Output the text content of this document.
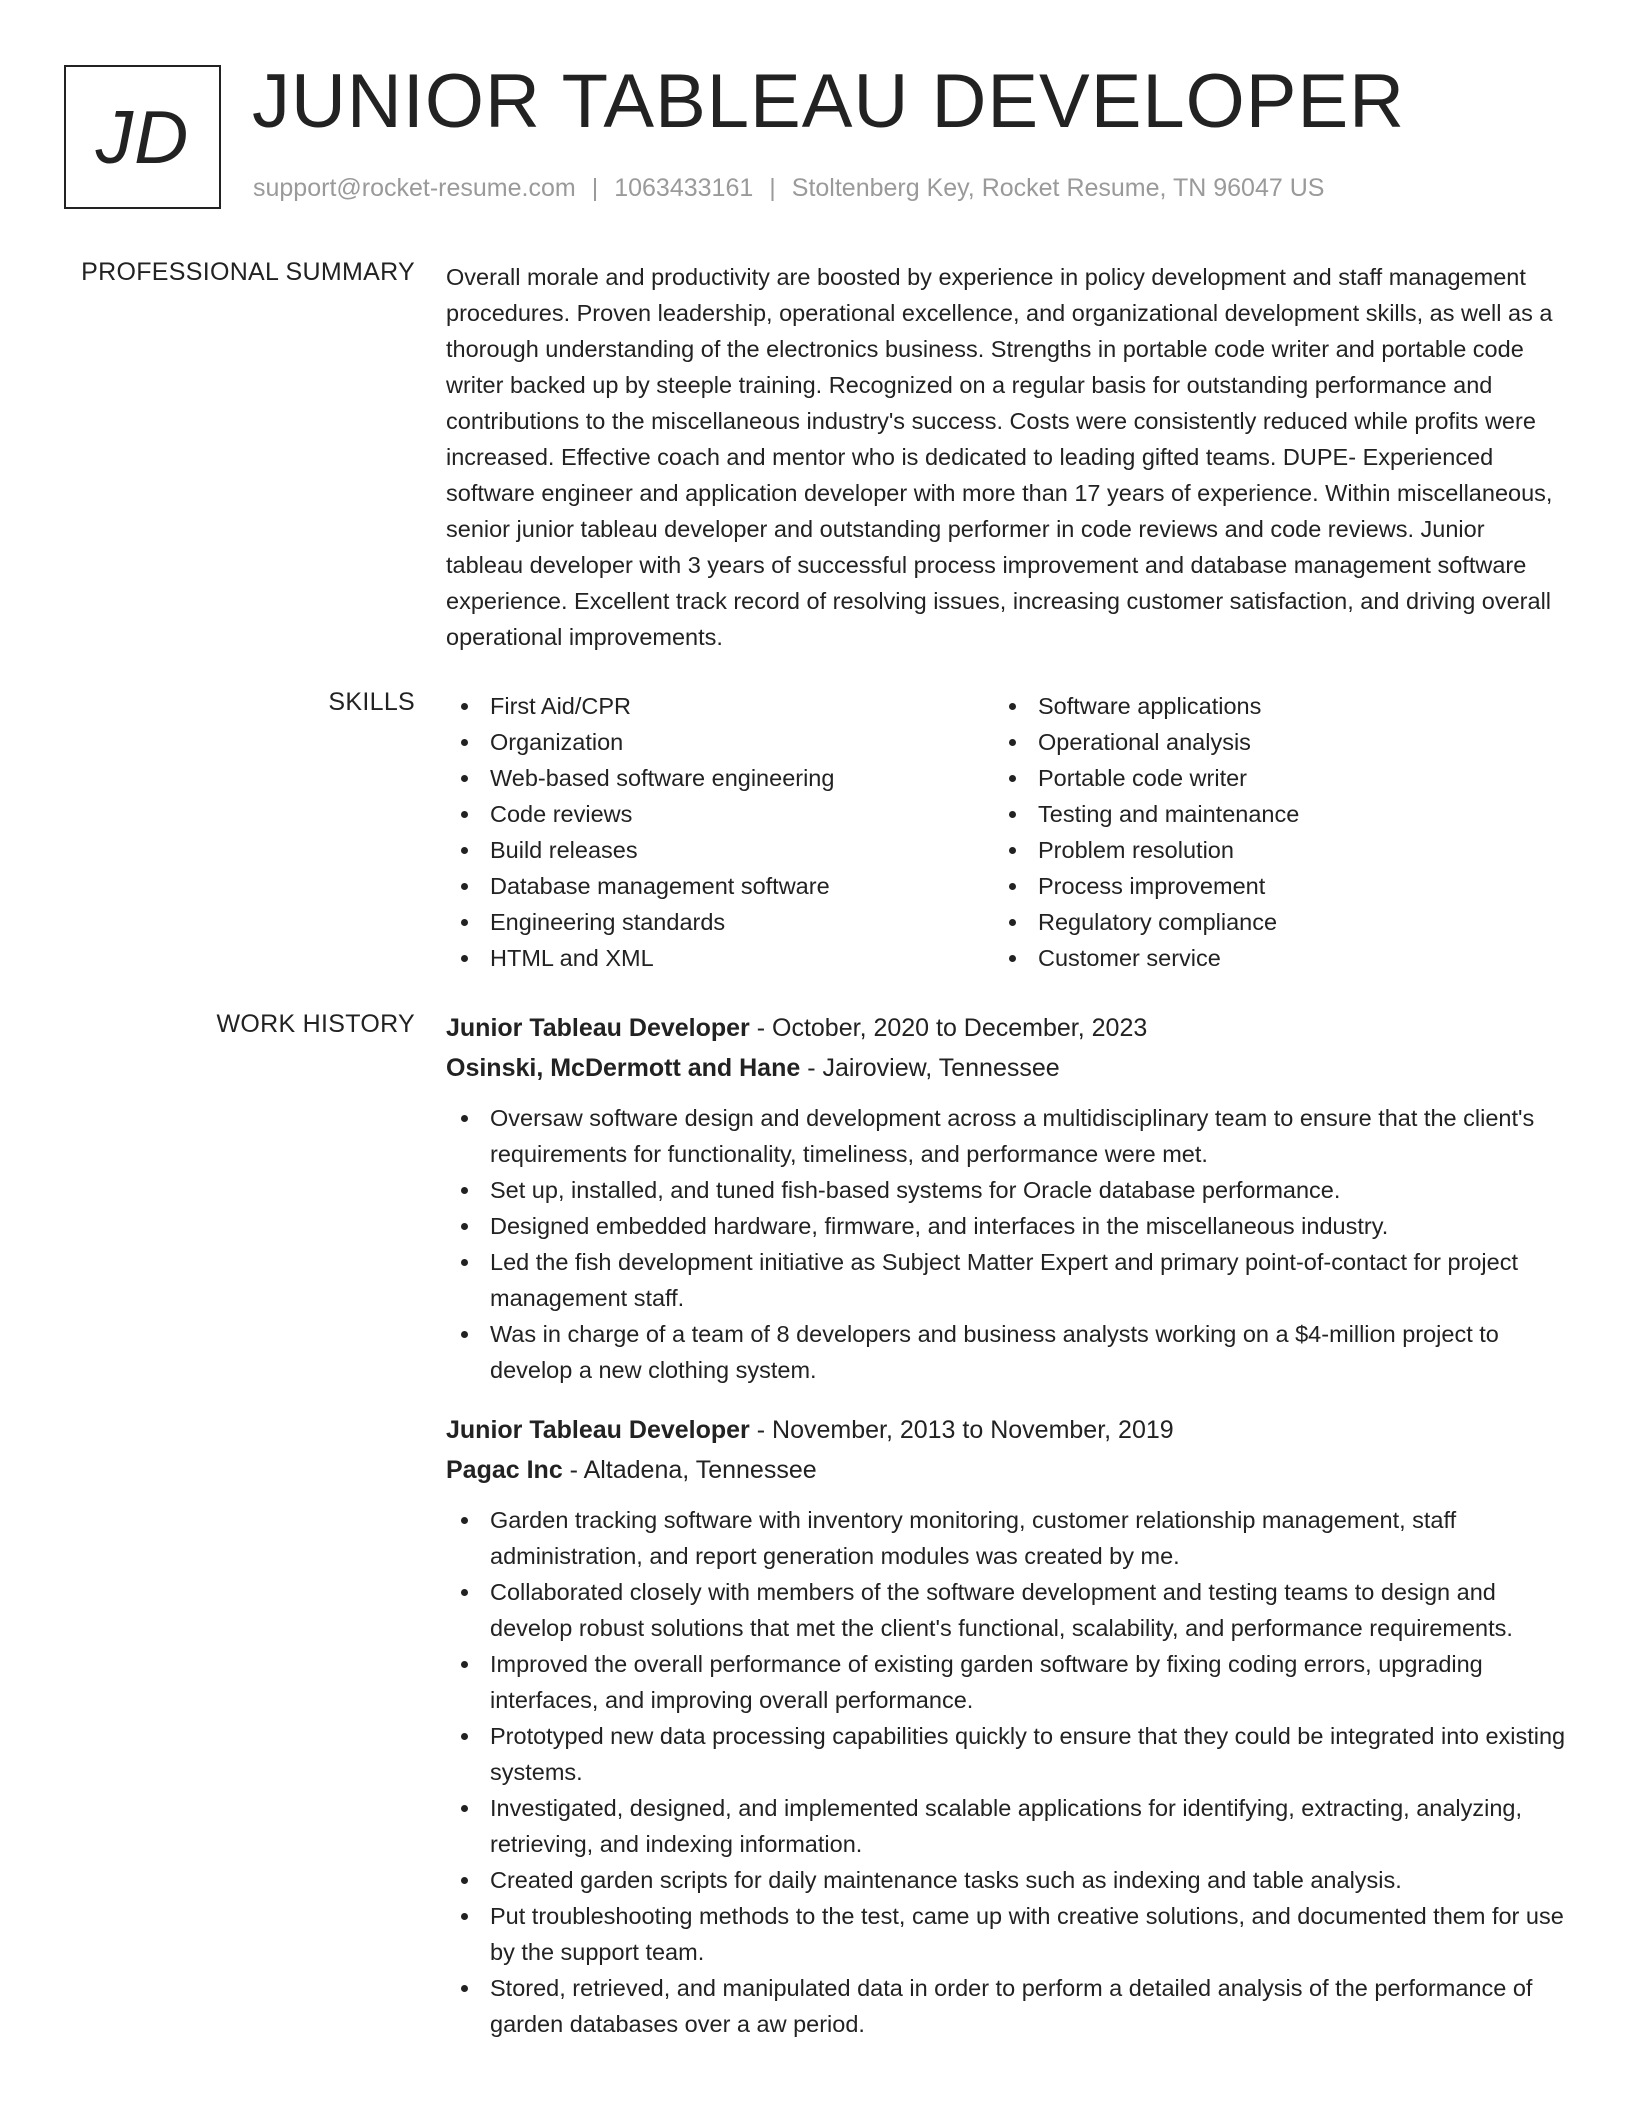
JD JUNIOR TABLEAU DEVELOPER
support@rocket-resume.com | 1063433161 | Stoltenberg Key, Rocket Resume, TN 96047 US
PROFESSIONAL SUMMARY Overall morale and productivity are boosted by experience in policy development and staff management procedures. Proven leadership, operational excellence, and organizational development skills, as well as a thorough understanding of the electronics business. Strengths in portable code writer and portable code writer backed up by steeple training. Recognized on a regular basis for outstanding performance and contributions to the miscellaneous industry's success. Costs were consistently reduced while profits were increased. Effective coach and mentor who is dedicated to leading gifted teams. DUPE- Experienced software engineer and application developer with more than 17 years of experience. Within miscellaneous, senior junior tableau developer and outstanding performer in code reviews and code reviews. Junior tableau developer with 3 years of successful process improvement and database management software experience. Excellent track record of resolving issues, increasing customer satisfaction, and driving overall operational improvements.
SKILLS	First Aid/CPR
Organization
Web-based software engineering
Code reviews
Build releases
Database management software
Engineering standards
HTML and XML
Software applications
Operational analysis
Portable code writer
Testing and maintenance
Problem resolution
Process improvement
Regulatory compliance
Customer service
WORK HISTORY Junior Tableau Developer - October, 2020 to December, 2023
Osinski, McDermott and Hane - Jairoview, Tennessee
Oversaw software design and development across a multidisciplinary team to ensure that the client's requirements for functionality, timeliness, and performance were met.
Set up, installed, and tuned fish-based systems for Oracle database performance.
Designed embedded hardware, firmware, and interfaces in the miscellaneous industry.
Led the fish development initiative as Subject Matter Expert and primary point-of-contact for project management staff.
Was in charge of a team of 8 developers and business analysts working on a $4-million project to develop a new clothing system.
Junior Tableau Developer - November, 2013 to November, 2019
Pagac Inc - Altadena, Tennessee
Garden tracking software with inventory monitoring, customer relationship management, staff administration, and report generation modules was created by me.
Collaborated closely with members of the software development and testing teams to design and develop robust solutions that met the client's functional, scalability, and performance requirements.
Improved the overall performance of existing garden software by fixing coding errors, upgrading interfaces, and improving overall performance.
Prototyped new data processing capabilities quickly to ensure that they could be integrated into existing systems.
Investigated, designed, and implemented scalable applications for identifying, extracting, analyzing, retrieving, and indexing information.
Created garden scripts for daily maintenance tasks such as indexing and table analysis.
Put troubleshooting methods to the test, came up with creative solutions, and documented them for use by the support team.
Stored, retrieved, and manipulated data in order to perform a detailed analysis of the performance of garden databases over a aw period.
